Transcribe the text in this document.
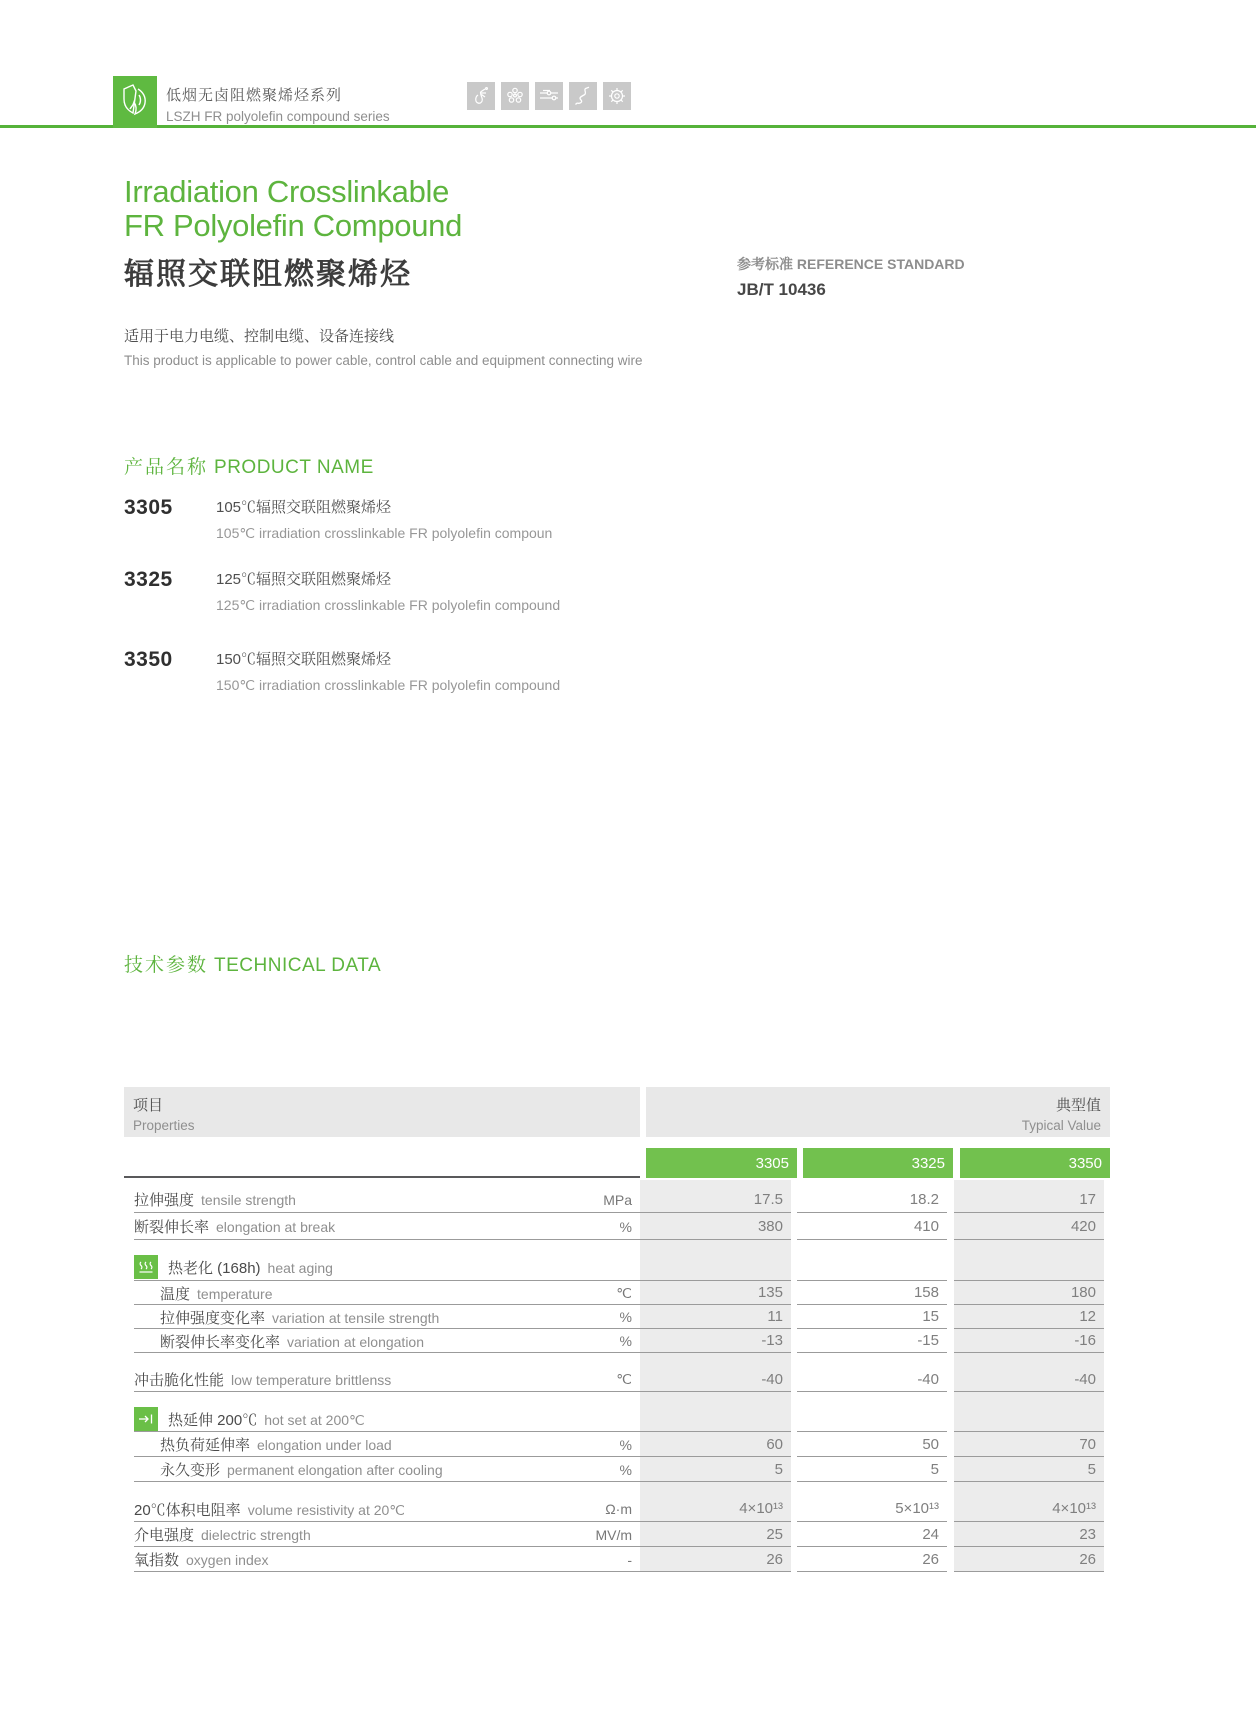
低烟无卤阻燃聚烯烃系列
LSZH FR polyolefin compound series
Irradiation Crosslinkable
FR Polyolefin Compound
辐照交联阻燃聚烯烃	参考标准 REFERENCE STANDARD
JB/T 10436
适用于电力电缆、控制电缆、设备连接线
This product is applicable to power cable, control cable and equipment connecting wire
产品名称 PRODUCT NAME
3305	105℃辐照交联阻燃聚烯烃
105℃ irradiation crosslinkable FR polyolefin compoun
3325	125℃辐照交联阻燃聚烯烃
125℃ irradiation crosslinkable FR polyolefin compound
3350	150℃辐照交联阻燃聚烯烃
150℃ irradiation crosslinkable FR polyolefin compound
技术参数 TECHNICAL DATA
项目
Properties
典型值
Typical Value
3305	3325	3350
拉伸强度 tensile strength	MPa	17.5	18.2	17
断裂伸长率 elongation at break	%	380	410	420
热老化 (168h) heat aging
温度 temperature	℃	135	158	180
拉伸强度变化率 variation at tensile strength	%	11	15	12
断裂伸长率变化率 variation at elongation	%	-13	-15	-16
冲击脆化性能 low temperature brittlenss	℃	-40	-40	-40
热延伸 200℃ hot set at 200℃
热负荷延伸率 elongation under load	%	60	50	70
永久变形 permanent elongation after cooling	%	5	5	5
20℃体积电阻率 volume resistivity at 20℃	Ω·m	4×10¹³	5×10¹³	4×10¹³
介电强度 dielectric strength	MV/m	25	24	23
氧指数 oxygen index	-	26	26	26
